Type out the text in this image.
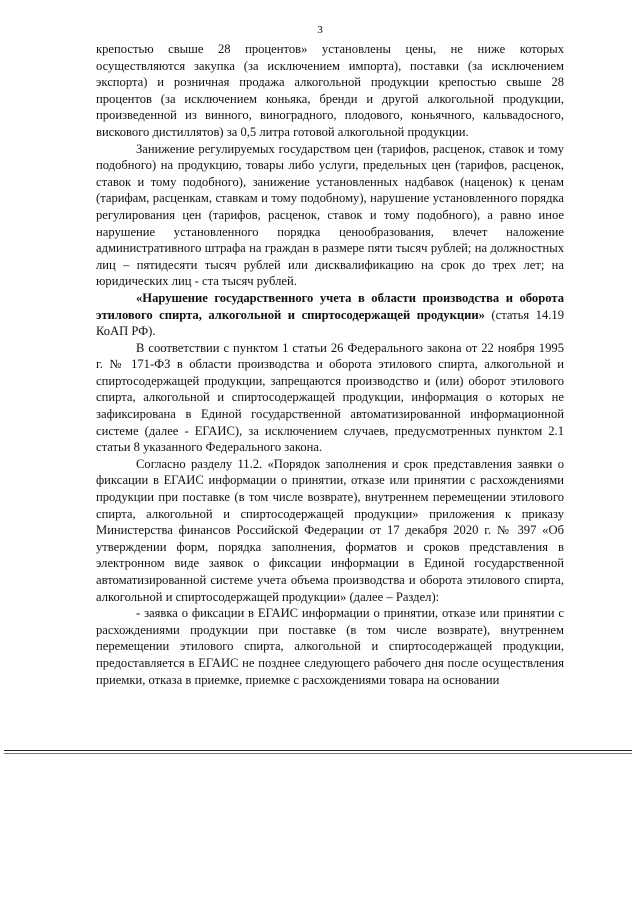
3

крепостью свыше 28 процентов» установлены цены, не ниже которых осуществляются закупка (за исключением импорта), поставки (за исключением экспорта) и розничная продажа алкогольной продукции крепостью свыше 28 процентов (за исключением коньяка, бренди и другой алкогольной продукции, произведенной из винного, виноградного, плодового, коньячного, кальвадосного, вискового дистиллятов) за 0,5 литра готовой алкогольной продукции.

Занижение регулируемых государством цен (тарифов, расценок, ставок и тому подобного) на продукцию, товары либо услуги, предельных цен (тарифов, расценок, ставок и тому подобного), занижение установленных надбавок (наценок) к ценам (тарифам, расценкам, ставкам и тому подобному), нарушение установленного порядка регулирования цен (тарифов, расценок, ставок и тому подобного), а равно иное нарушение установленного порядка ценообразования, влечет наложение административного штрафа на граждан в размере пяти тысяч рублей; на должностных лиц – пятидесяти тысяч рублей или дисквалификацию на срок до трех лет; на юридических лиц - ста тысяч рублей.

«Нарушение государственного учета в области производства и оборота этилового спирта, алкогольной и спиртосодержащей продукции» (статья 14.19 КоАП РФ).

В соответствии с пунктом 1 статьи 26 Федерального закона от 22 ноября 1995 г. № 171-ФЗ в области производства и оборота этилового спирта, алкогольной и спиртосодержащей продукции, запрещаются производство и (или) оборот этилового спирта, алкогольной и спиртосодержащей продукции, информация о которых не зафиксирована в Единой государственной автоматизированной информационной системе (далее - ЕГАИС), за исключением случаев, предусмотренных пунктом 2.1 статьи 8 указанного Федерального закона.

Согласно разделу 11.2. «Порядок заполнения и срок представления заявки о фиксации в ЕГАИС информации о принятии, отказе или принятии с расхождениями продукции при поставке (в том числе возврате), внутреннем перемещении этилового спирта, алкогольной и спиртосодержащей продукции» приложения к приказу Министерства финансов Российской Федерации от 17 декабря 2020 г. № 397 «Об утверждении форм, порядка заполнения, форматов и сроков представления в электронном виде заявок о фиксации информации в Единой государственной автоматизированной системе учета объема производства и оборота этилового спирта, алкогольной и спиртосодержащей продукции» (далее – Раздел):

- заявка о фиксации в ЕГАИС информации о принятии, отказе или принятии с расхождениями продукции при поставке (в том числе возврате), внутреннем перемещении этилового спирта, алкогольной и спиртосодержащей продукции, предоставляется в ЕГАИС не позднее следующего рабочего дня после осуществления приемки, отказа в приемке, приемке с расхождениями товара на основании
